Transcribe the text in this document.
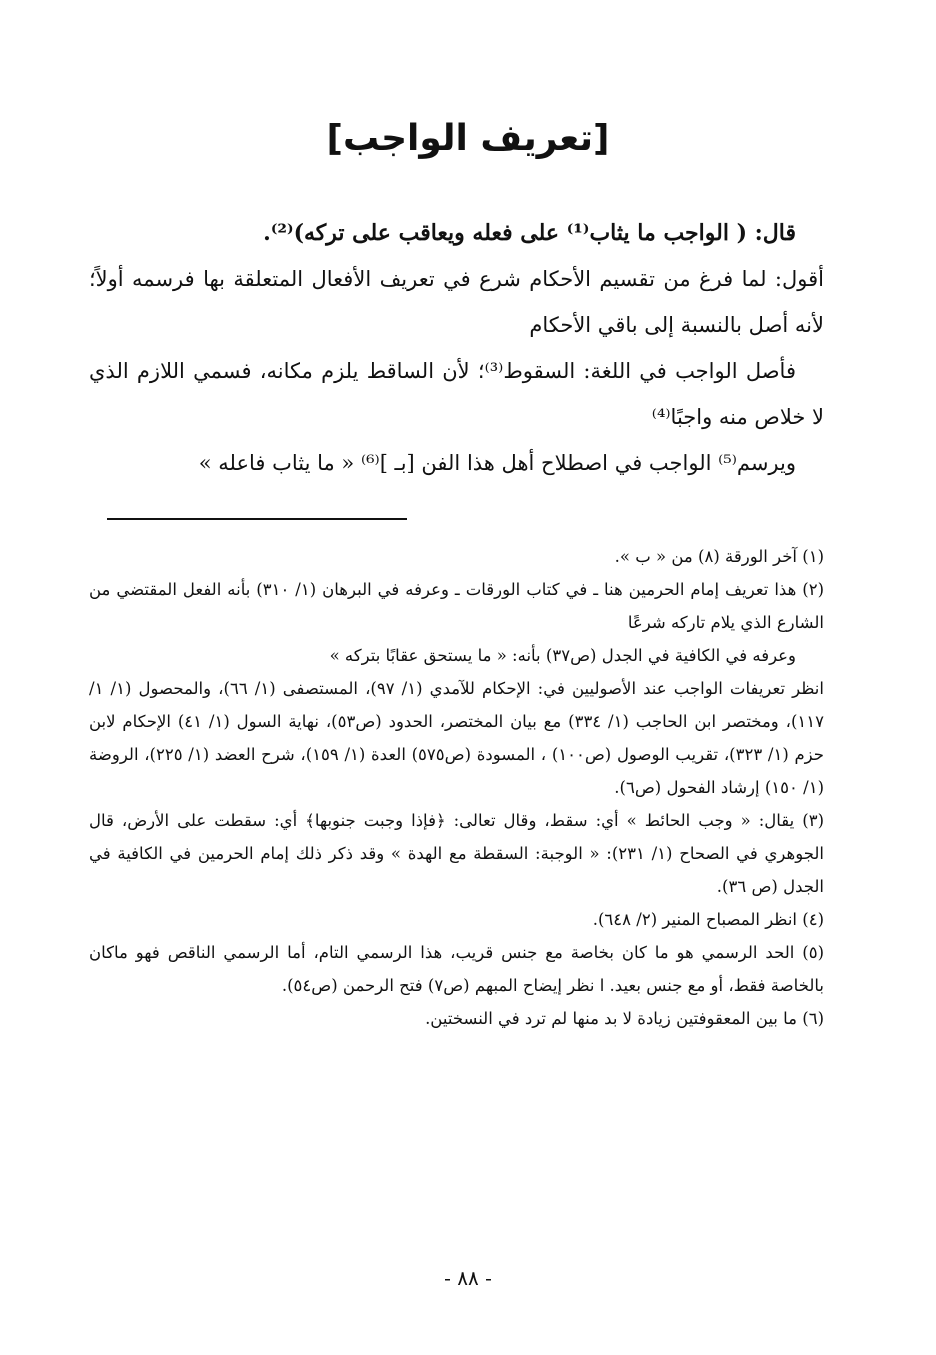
[تعريف الواجب]

قال: ( الواجب ما يثاب⁽¹⁾ على فعله ويعاقب على تركه)⁽²⁾.

أقول: لما فرغ من تقسيم الأحكام شرع في تعريف الأفعال المتعلقة بها فرسمه أولاً؛ لأنه أصل بالنسبة إلى باقي الأحكام

فأصل الواجب في اللغة: السقوط⁽³⁾؛ لأن الساقط يلزم مكانه، فسمي اللازم الذي لا خلاص منه واجبًا⁽⁴⁾

ويرسم⁽⁵⁾ الواجب في اصطلاح أهل هذا الفن [بـ ]⁽⁶⁾ « ما يثاب فاعله »

(١) آخر الورقة (٨) من « ب ».

(٢) هذا تعريف إمام الحرمين هنا ـ في كتاب الورقات ـ وعرفه في البرهان (١/ ٣١٠) بأنه الفعل المقتضي من الشارع الذي يلام تاركه شرعًا

وعرفه في الكافية في الجدل (ص٣٧) بأنه: « ما يستحق عقابًا بتركه »

انظر تعريفات الواجب عند الأصوليين في: الإحكام للآمدي (١/ ٩٧)، المستصفى (١/ ٦٦)، والمحصول (١/ ١/ ١١٧)، ومختصر ابن الحاجب (١/ ٣٣٤) مع بيان المختصر، الحدود (ص٥٣)، نهاية السول (١/ ٤١) الإحكام لابن حزم (١/ ٣٢٣)، تقريب الوصول (ص١٠٠) ، المسودة (ص٥٧٥) العدة (١/ ١٥٩)، شرح العضد (١/ ٢٢٥)، الروضة (١/ ١٥٠) إرشاد الفحول (ص٦).

(٣) يقال: « وجب الحائط » أي: سقط، وقال تعالى: ﴿فإذا وجبت جنوبها﴾ أي: سقطت على الأرض، قال الجوهري في الصحاح (١/ ٢٣١): « الوجبة: السقطة مع الهدة » وقد ذكر ذلك إمام الحرمين في الكافية في الجدل (ص ٣٦).

(٤) انظر المصباح المنير (٢/ ٦٤٨).

(٥) الحد الرسمي هو ما كان بخاصة مع جنس قريب، هذا الرسمي التام، أما الرسمي الناقص فهو ماكان بالخاصة فقط، أو مع جنس بعيد. ا نظر إيضاح المبهم (ص٧) فتح الرحمن (ص٥٤).

(٦) ما بين المعقوفتين زيادة لا بد منها لم ترد في النسختين.

- ٨٨ -
